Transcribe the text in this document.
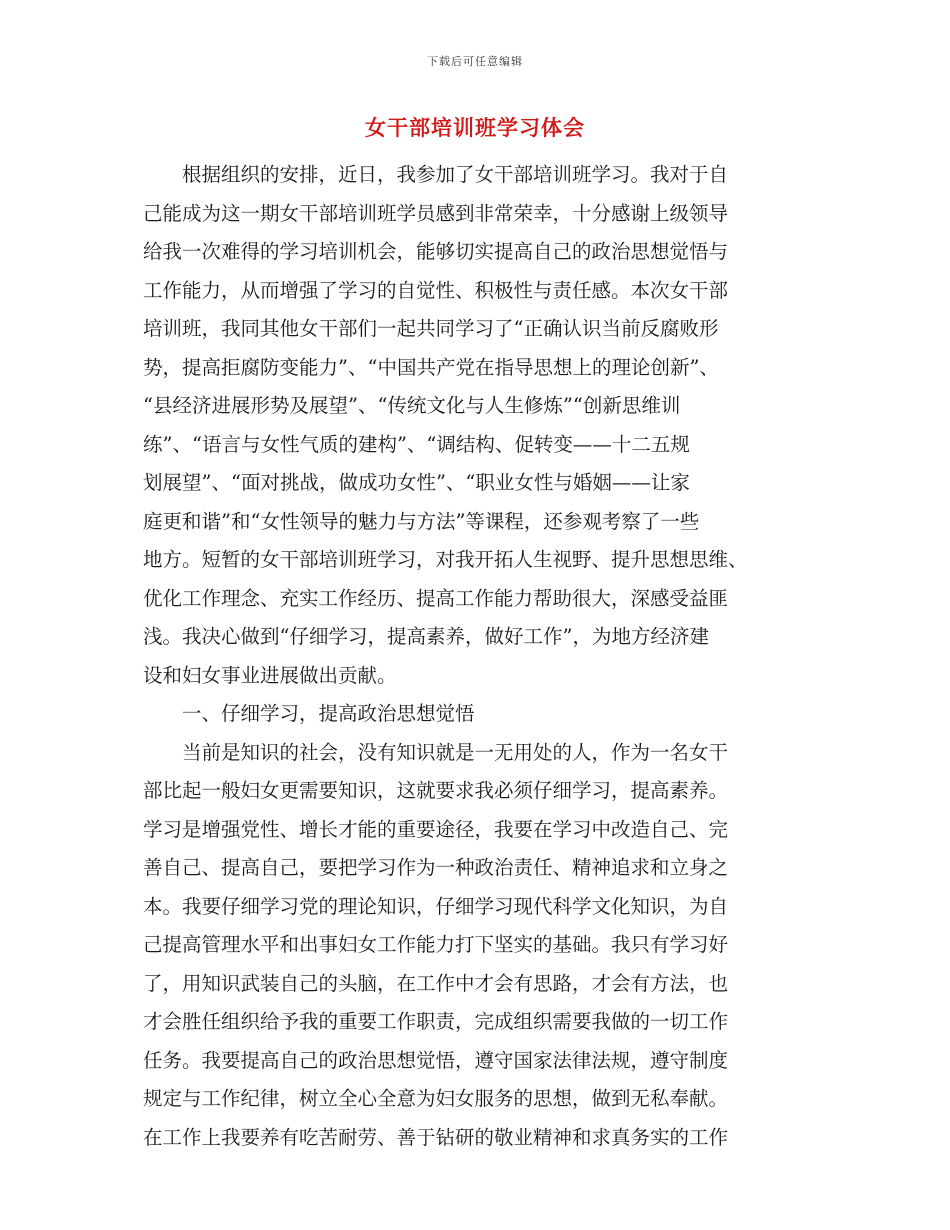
下载后可任意编辑
女干部培训班学习体会

根据组织的安排，近日，我参加了女干部培训班学习。我对于自

己能成为这一期女干部培训班学员感到非常荣幸，十分感谢上级领导

给我一次难得的学习培训机会，能够切实提高自己的政治思想觉悟与

工作能力，从而增强了学习的自觉性、积极性与责任感。本次女干部

培训班，我同其他女干部们一起共同学习了“正确认识当前反腐败形

势，提高拒腐防变能力”、“中国共产党在指导思想上的理论创新”、

“县经济进展形势及展望”、“传统文化与人生修炼”“创新思维训

练”、“语言与女性气质的建构”、“调结构、促转变——十二五规

划展望”、“面对挑战，做成功女性”、“职业女性与婚姻——让家

庭更和谐”和“女性领导的魅力与方法”等课程，还参观考察了一些

地方。短暂的女干部培训班学习，对我开拓人生视野、提升思想思维、

优化工作理念、充实工作经历、提高工作能力帮助很大，深感受益匪

浅。我决心做到“仔细学习，提高素养，做好工作”，为地方经济建

设和妇女事业进展做出贡献。

一、仔细学习，提高政治思想觉悟

当前是知识的社会，没有知识就是一无用处的人，作为一名女干

部比起一般妇女更需要知识，这就要求我必须仔细学习，提高素养。

学习是增强党性、增长才能的重要途径，我要在学习中改造自己、完

善自己、提高自己，要把学习作为一种政治责任、精神追求和立身之

本。我要仔细学习党的理论知识，仔细学习现代科学文化知识，为自

己提高管理水平和出事妇女工作能力打下坚实的基础。我只有学习好

了，用知识武装自己的头脑，在工作中才会有思路，才会有方法，也

才会胜任组织给予我的重要工作职责，完成组织需要我做的一切工作

任务。我要提高自己的政治思想觉悟，遵守国家法律法规，遵守制度

规定与工作纪律，树立全心全意为妇女服务的思想，做到无私奉献。

在工作上我要养有吃苦耐劳、善于钻研的敬业精神和求真务实的工作
